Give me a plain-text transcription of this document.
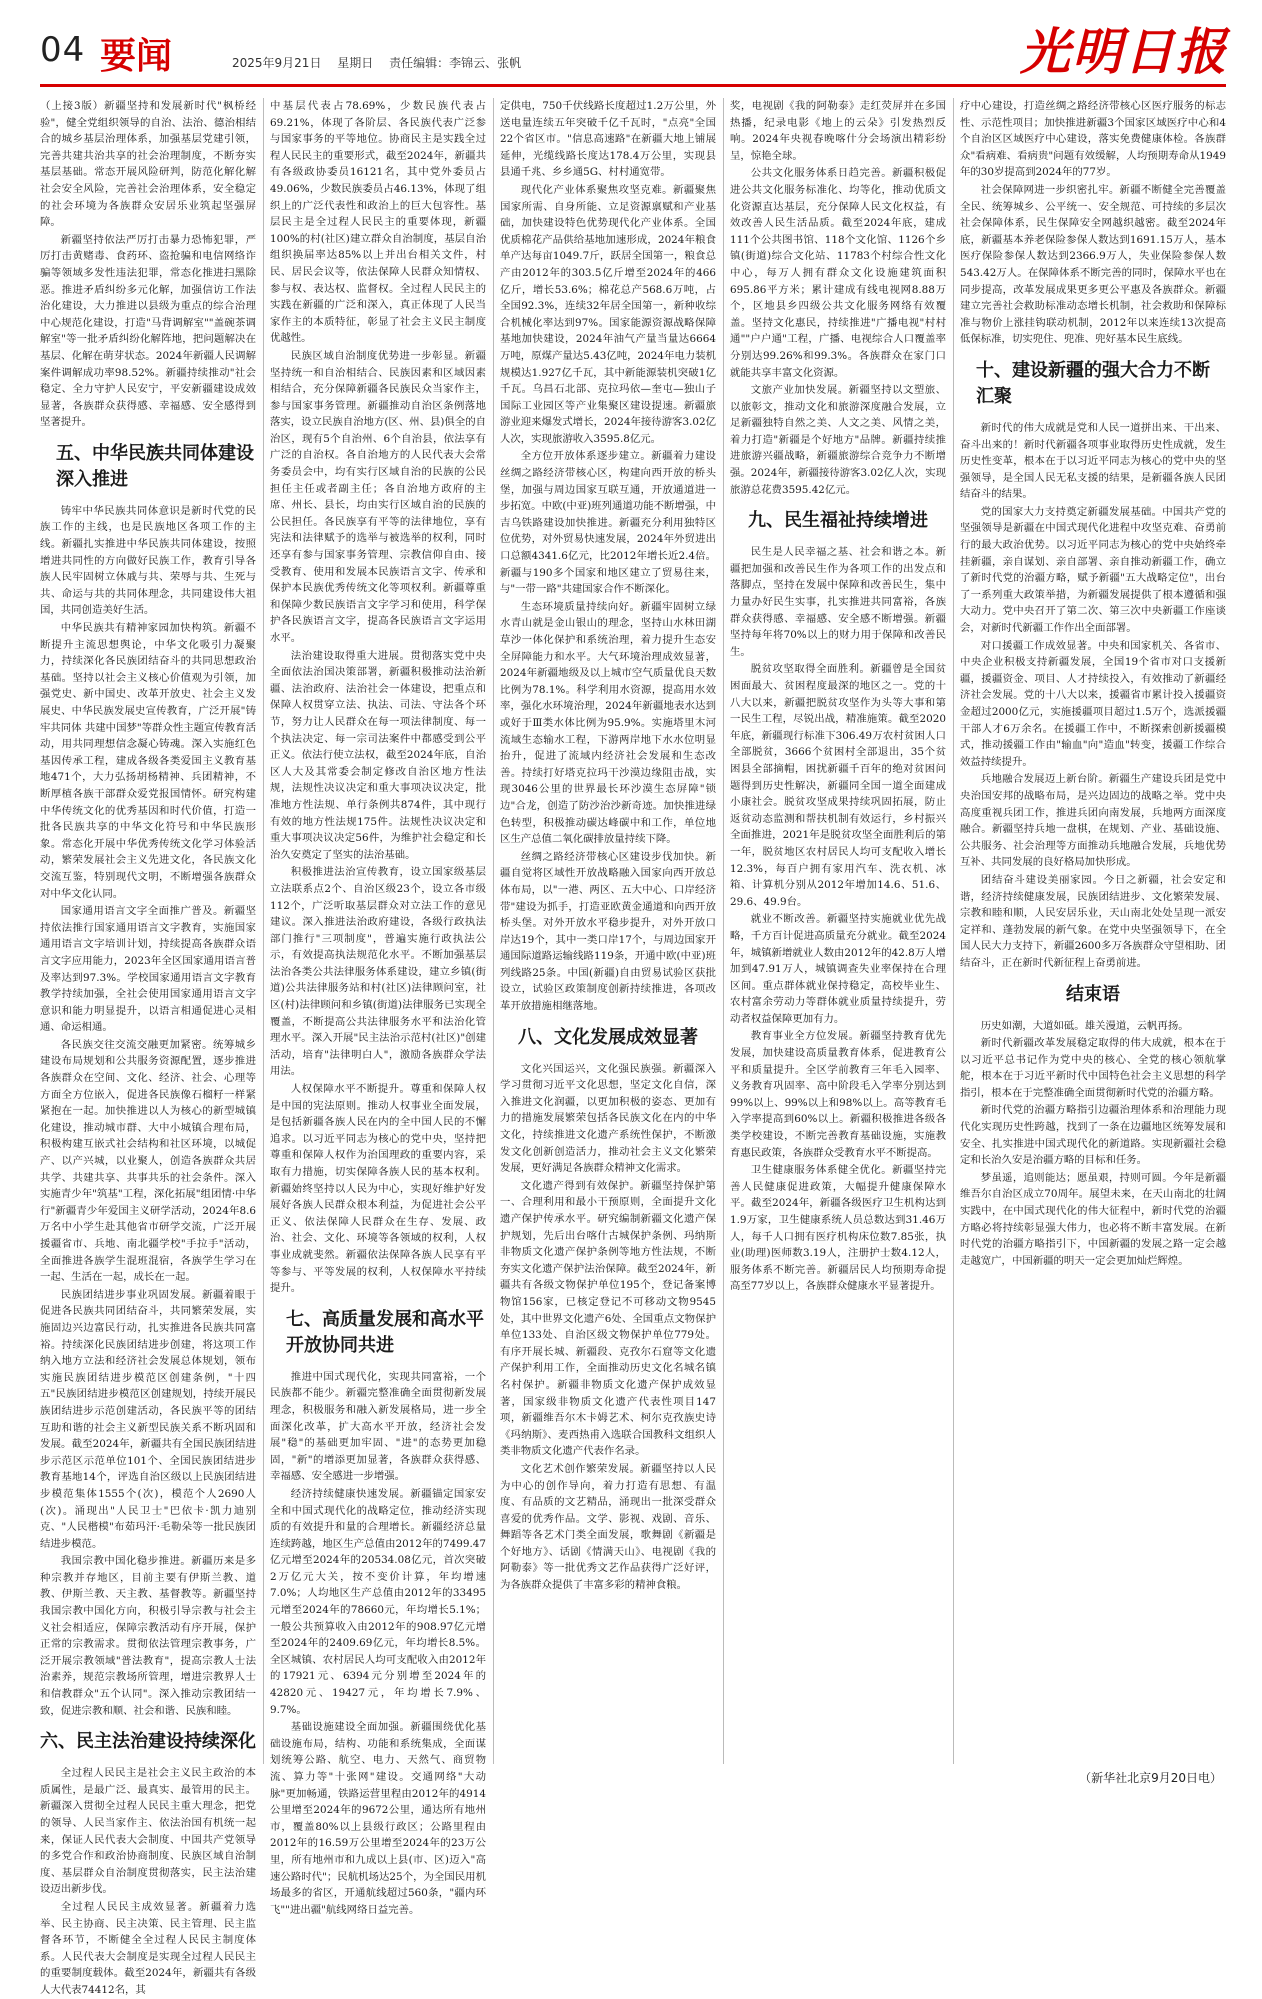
04 要闻	2025年9月21日 星期日 责任编辑：李锦云、张帆	光明日报

（上接3版）新疆坚持和发展新时代"枫桥经验"，健全党组织领导的自治、法治、德治相结合的城乡基层治理体系，加强基层党建引领，完善共建共治共享的社会治理制度，不断夯实基层基础。常态开展风险研判，防范化解化解社会安全风险，完善社会治理体系，安全稳定的社会环境为各族群众安居乐业筑起坚强屏障。

新疆坚持依法严厉打击暴力恐怖犯罪，严厉打击黄赌毒、食药环、盗抢骗和电信网络诈骗等领域多发性违法犯罪，常态化推进扫黑除恶。推进矛盾纠纷多元化解，加强信访工作法治化建设，大力推进以县级为重点的综合治理中心规范化建设，打造"马背调解室""盖碗茶调解室"等一批矛盾纠纷化解阵地，把问题解决在基层、化解在萌芽状态。2024年新疆人民调解案件调解成功率98.52%。新疆持续推动"社会稳定、全力守护人民安宁，平安新疆建设成效显著，各族群众获得感、幸福感、安全感得到坚著提升。

五、中华民族共同体建设深入推进

铸牢中华民族共同体意识是新时代党的民族工作的主线，也是民族地区各项工作的主线。新疆扎实推进中华民族共同体建设，按照增进共同性的方向做好民族工作，教育引导各族人民牢固树立休戚与共、荣辱与共、生死与共、命运与共的共同体理念，共同建设伟大祖国，共同创造美好生活。

中华民族共有精神家园加快构筑。新疆不断提升主流思想舆论，中华文化吸引力凝聚力，持续深化各民族团结奋斗的共同思想政治基础。坚持以社会主义核心价值观为引领，加强党史、新中国史、改革开放史、社会主义发展史、中华民族发展史宣传教育，广泛开展"铸牢共同体 共建中国梦"等群众性主题宣传教育活动，用共同理想信念凝心铸魂。深入实施红色基因传承工程，建成各级各类爱国主义教育基地471个，大力弘扬胡杨精神、兵团精神，不断厚植各族干部群众爱党报国情怀。研究构建中华传统文化的优秀基因和时代价值，打造一批各民族共享的中华文化符号和中华民族形象。常态化开展中华优秀传统文化学习体验活动，繁荣发展社会主义先进文化，各民族文化交流互鉴，特别现代文明，不断增强各族群众对中华文化认同。

国家通用语言文字全面推广普及。新疆坚持依法推行国家通用语言文字教育，实施国家通用语言文字培训计划，持续提高各族群众语言文字应用能力，2023年全区国家通用语言普及率达到97.3%。学校国家通用语言文字教育教学持续加强，全社会使用国家通用语言文字意识和能力明显提升，以语言相通促进心灵相通、命运相通。

各民族交往交流交融更加紧密。统筹城乡建设布局规划和公共服务资源配置，逐步推进各族群众在空间、文化、经济、社会、心理等方面全方位嵌入，促进各民族像石榴籽一样紧紧抱在一起。加快推进以人为核心的新型城镇化建设，推动城市群、大中小城镇合理布局，积极构建互嵌式社会结构和社区环境，以城促产、以产兴城，以业聚人，创造各族群众共居共学、共建共享、共事共乐的社会条件。深入实施青少年"筑基"工程，深化拓展"组团情·中华行"新疆青少年爱国主义研学活动，2024年8.6万名中小学生赴其他省市研学交流，广泛开展援疆省市、兵地、南北疆学校"手拉手"活动，全面推进各族学生混班混宿，各族学生学习在一起、生活在一起，成长在一起。

民族团结进步事业巩固发展。新疆着眼于促进各民族共同团结奋斗，共同繁荣发展，实施固边兴边富民行动，扎实推进各民族共同富裕。持续深化民族团结进步创建，将这项工作纳入地方立法和经济社会发展总体规划，领布实施民族团结进步模范区创建条例，"十四五"民族团结进步模范区创建规划，持续开展民族团结进步示范创建活动，各民族平等的团结互助和谐的社会主义新型民族关系不断巩固和发展。截至2024年，新疆共有全国民族团结进步示范区示范单位101个、全国民族团结进步教育基地14个，评选自治区级以上民族团结进步模范集体1555个(次)，模范个人2690人(次)。涌现出"人民卫士"巴依卡·凯力迪别克、"人民楷模"布茹玛汗·毛勒朵等一批民族团结进步模范。

我国宗教中国化稳步推进。新疆历来是多种宗教并存地区，目前主要有伊斯兰教、道教、伊斯兰教、天主教、基督教等。新疆坚持我国宗教中国化方向，积极引导宗教与社会主义社会相适应，保障宗教活动有序开展，保护正常的宗教需求。贯彻依法管理宗教事务，广泛开展宗教领域"普法教育"，提高宗教人士法治素养，规范宗教场所管理，增进宗教界人士和信教群众"五个认同"。深入推动宗教团结一致，促进宗教和顺、社会和谐、民族和睦。

六、民主法治建设持续深化

全过程人民民主是社会主义民主政治的本质属性，是最广泛、最真实、最管用的民主。新疆深入贯彻全过程人民民主重大理念，把党的领导、人民当家作主、依法治国有机统一起来，保证人民代表大会制度、中国共产党领导的多党合作和政治协商制度、民族区域自治制度、基层群众自治制度贯彻落实，民主法治建设迈出新步伐。

全过程人民民主成效显著。新疆着力选举、民主协商、民主决策、民主管理、民主监督各环节，不断健全全过程人民民主制度体系。人民代表大会制度是实现全过程人民民主的重要制度载体。截至2024年，新疆共有各级人大代表74412名，其

中基层代表占78.69%，少数民族代表占69.21%，体现了各阶层、各民族代表广泛参与国家事务的平等地位。协商民主是实践全过程人民民主的重要形式，截至2024年，新疆共有各级政协委员16121名，其中党外委员占49.06%，少数民族委员占46.13%，体现了组织上的广泛代表性和政治上的巨大包容性。基层民主是全过程人民民主的重要体现，新疆100%的村(社区)建立群众自治制度，基层自治组织换届率达85%以上并出台相关文件，村民、居民会议等，依法保障人民群众知情权、参与权、表达权、监督权。全过程人民民主的实践在新疆的广泛和深入，真正体现了人民当家作主的本质特征，彰显了社会主义民主制度优越性。

民族区域自治制度优势进一步彰显。新疆坚持统一和自治相结合、民族因素和区域因素相结合，充分保障新疆各民族民众当家作主，参与国家事务管理。新疆推动自治区条例落地落实，设立民族自治地方(区、州、县)俱全的自治区，现有5个自治州、6个自治县，依法享有广泛的自治权。各自治地方的人民代表大会常务委员会中，均有实行区域自治的民族的公民担任主任或者副主任；各自治地方政府的主席、州长、县长，均由实行区域自治的民族的公民担任。各民族享有平等的法律地位，享有宪法和法律赋予的选举与被选举的权利，同时还享有参与国家事务管理、宗教信仰自由、接受教育、使用和发展本民族语言文字、传承和保护本民族优秀传统文化等项权利。新疆尊重和保障少数民族语言文字学习和使用，科学保护各民族语言文字，提高各民族语言文字运用水平。

法治建设取得重大进展。贯彻落实党中央全面依法治国决策部署，新疆积极推动法治新疆、法治政府、法治社会一体建设，把重点和保障人权贯穿立法、执法、司法、守法各个环节，努力让人民群众在每一项法律制度、每一个执法决定、每一宗司法案件中都感受到公平正义。依法行使立法权，截至2024年底，自治区人大及其常委会制定修改自治区地方性法规，法规性决议决定和重大事项决议决定，批准地方性法规、单行条例共874件，其中现行有效的地方性法规175件。法规性决议决定和重大事项决议决定56件，为维护社会稳定和长治久安奠定了坚实的法治基础。

积极推进法治宣传教育，设立国家级基层立法联系点2个、自治区级23个，设立各市级112个，广泛听取基层群众对立法工作的意见建议。深入推进法治政府建设，各级行政执法部门推行"三项制度"，普遍实施行政执法公示，有效提高执法规范化水平。不断加强基层法治各类公共法律服务体系建设，建立乡镇(街道)公共法律服务站和村(社区)法律顾问室，社区(村)法律顾问和乡镇(街道)法律服务已实现全覆盖，不断提高公共法律服务水平和法治化管理水平。深入开展"民主法治示范村(社区)"创建活动，培育"法律明白人"，激励各族群众学法用法。

人权保障水平不断提升。尊重和保障人权是中国的宪法原则。推动人权事业全面发展，是包括新疆各族人民在内的全中国人民的不懈追求。以习近平同志为核心的党中央，坚持把尊重和保障人权作为治国理政的重要内容，采取有力措施，切实保障各族人民的基本权利。新疆始终坚持以人民为中心，实现好维护好发展好各族人民群众根本利益，为促进社会公平正义、依法保障人民群众在生存、发展、政治、社会、文化、环境等各领域的权利，人权事业成就斐然。新疆依法保障各族人民享有平等参与、平等发展的权利，人权保障水平持续提升。

七、高质量发展和高水平开放协同共进

推进中国式现代化，实现共同富裕，一个民族都不能少。新疆完整准确全面贯彻新发展理念，积极服务和融入新发展格局，进一步全面深化改革，扩大高水平开放，经济社会发展"稳"的基础更加牢固、"进"的态势更加稳固，"新"的增添更加显著，各族群众获得感、幸福感、安全感进一步增强。

经济持续健康快速发展。新疆锚定国家安全和中国式现代化的战略定位，推动经济实现质的有效提升和量的合理增长。新疆经济总量连续跨越，地区生产总值由2012年的7499.47亿元增至2024年的20534.08亿元，首次突破2万亿元大关，按不变价计算，年均增速7.0%；人均地区生产总值由2012年的33495元增至2024年的78660元，年均增长5.1%；一般公共预算收入由2012年的908.97亿元增至2024年的2409.69亿元，年均增长8.5%。全区城镇、农村居民人均可支配收入由2012年的17921元、6394元分别增至2024年的42820元、19427元，年均增长7.9%、9.7%。

基础设施建设全面加强。新疆围绕优化基础设施布局，结构、功能和系统集成，全面谋划统筹公路、航空、电力、天然气、商贸物流、算力等"十张网"建设。交通网络"大动脉"更加畅通，铁路运营里程由2012年的4914公里增至2024年的9672公里，通达所有地州市，覆盖80%以上县级行政区；公路里程由2012年的16.59万公里增至2024年的23万公里，所有地州市和九成以上县(市、区)迈入"高速公路时代"；民航机场达25个，为全国民用机场最多的省区，开通航线超过560条，"疆内环飞""进出疆"航线网络日益完善。

定供电，750千伏线路长度超过1.2万公里，外送电量连续五年突破千亿千瓦时，"点亮"全国22个省区市。"信息高速路"在新疆大地上铺展延伸，光缆线路长度达178.4万公里，实现县县通千兆、乡乡通5G、村村通宽带。

现代化产业体系聚焦攻坚克难。新疆聚焦国家所需、自身所能、立足资源禀赋和产业基础，加快建设特色优势现代化产业体系。全国优质棉花产品供给基地加速形成，2024年粮食单产达每亩1049.7斤，跃居全国第一，粮食总产由2012年的303.5亿斤增至2024年的466亿斤，增长53.6%；棉花总产568.6万吨，占全国92.3%，连续32年居全国第一，新种收综合机械化率达到97%。国家能源资源战略保障基地加快建设，2024年油气产量当量达6664万吨，原煤产量达5.43亿吨，2024年电力装机规模达1.927亿千瓦，其中新能源装机突破1亿千瓦。乌昌石北部、克拉玛依—奎屯—独山子国际工业园区等产业集聚区建设提速。新疆旅游业迎来爆发式增长，2024年接待游客3.02亿人次，实现旅游收入3595.8亿元。

全方位开放体系逐步建立。新疆着力建设丝绸之路经济带核心区，构建向西开放的桥头堡，加强与周边国家互联互通，开放通道进一步拓宽。中欧(中亚)班列通道功能不断增强，中吉乌铁路建设加快推进。新疆充分利用独特区位优势，对外贸易快速发展，2024年外贸进出口总额4341.6亿元，比2012年增长近2.4倍。新疆与190多个国家和地区建立了贸易往来，与"一带一路"共建国家合作不断深化。

生态环境质量持续向好。新疆牢固树立绿水青山就是金山银山的理念，坚持山水林田湖草沙一体化保护和系统治理，着力提升生态安全屏障能力和水平。大气环境治理成效显著，2024年新疆地级及以上城市空气质量优良天数比例为78.1%。科学利用水资源，提高用水效率，强化水环境治理，2024年新疆地表水达到或好于Ⅲ类水体比例为95.9%。实施塔里木河流域生态输水工程，下游两岸地下水水位明显抬升，促进了流域内经济社会发展和生态改善。持续打好塔克拉玛干沙漠边缘阻击战，实现3046公里的世界最长环沙漠生态屏障"锁边"合龙，创造了防沙治沙新奇迹。加快推进绿色转型，积极推动碳达峰碳中和工作，单位地区生产总值二氧化碳排放量持续下降。

丝绸之路经济带核心区建设步伐加快。新疆自觉将区域性开放战略融入国家向西开放总体布局，以"一港、两区、五大中心、口岸经济带"建设为抓手，打造亚欧黄金通道和向西开放桥头堡。对外开放水平稳步提升，对外开放口岸达19个，其中一类口岸17个，与周边国家开通国际道路运输线路119条，开通中欧(中亚)班列线路25条。中国(新疆)自由贸易试验区获批设立，试验区政策制度创新持续推进，各项改革开放措施相继落地。

八、文化发展成效显著

文化兴国运兴，文化强民族强。新疆深入学习贯彻习近平文化思想，坚定文化自信，深入推进文化润疆，以更加积极的姿态、更加有力的措施发展繁荣包括各民族文化在内的中华文化，持续推进文化遗产系统性保护，不断激发文化创新创造活力，推动社会主义文化繁荣发展，更好满足各族群众精神文化需求。

文化遗产得到有效保护。新疆坚持保护第一、合理利用和最小干预原则，全面提升文化遗产保护传承水平。研究编制新疆文化遗产保护规划，先后出台喀什古城保护条例、玛纳斯非物质文化遗产保护条例等地方性法规，不断夯实文化遗产保护法治保障。截至2024年，新疆共有各级文物保护单位195个，登记备案博物馆156家，已核定登记不可移动文物9545处，其中世界文化遗产6处、全国重点文物保护单位133处、自治区级文物保护单位779处。有序开展长城、新疆段、克孜尔石窟等文化遗产保护利用工作，全面推动历史文化名城名镇名村保护。新疆非物质文化遗产保护成效显著，国家级非物质文化遗产代表性项目147项，新疆维吾尔木卡姆艺术、柯尔克孜族史诗《玛纳斯》、麦西热甫入选联合国教科文组织人类非物质文化遗产代表作名录。

文化艺术创作繁荣发展。新疆坚持以人民为中心的创作导向，着力打造有思想、有温度、有品质的文艺精品，涌现出一批深受群众喜爱的优秀作品。文学、影视、戏剧、音乐、舞蹈等各艺术门类全面发展，歌舞剧《新疆是个好地方》、话剧《情满天山》、电视剧《我的阿勒泰》等一批优秀文艺作品获得广泛好评，为各族群众提供了丰富多彩的精神食粮。

奖，电视剧《我的阿勒泰》走红荧屏并在多国热播，纪录电影《地上的云朵》引发热烈反响。2024年央视春晚喀什分会场演出精彩纷呈，惊艳全球。

公共文化服务体系日趋完善。新疆积极促进公共文化服务标准化、均等化，推动优质文化资源直达基层，充分保障人民文化权益，有效改善人民生活品质。截至2024年底，建成111个公共图书馆、118个文化馆、1126个乡镇(街道)综合文化站、11783个村综合性文化中心，每万人拥有群众文化设施建筑面积695.86平方米；累计建成有线电视网8.88万个，区地县乡四级公共文化服务网络有效覆盖。坚持文化惠民，持续推进"广播电视"村村通""户户通"工程，广播、电视综合人口覆盖率分别达99.26%和99.3%。各族群众在家门口就能共享丰富文化资源。

文旅产业加快发展。新疆坚持以文塑旅、以旅彰文，推动文化和旅游深度融合发展，立足新疆独特自然之美、人文之美、风情之美，着力打造"新疆是个好地方"品牌。新疆持续推进旅游兴疆战略，新疆旅游综合竞争力不断增强。2024年，新疆接待游客3.02亿人次，实现旅游总花费3595.42亿元。

九、民生福祉持续增进

民生是人民幸福之基、社会和谐之本。新疆把加强和改善民生作为各项工作的出发点和落脚点，坚持在发展中保障和改善民生，集中力量办好民生实事，扎实推进共同富裕，各族群众获得感、幸福感、安全感不断增强。新疆坚持每年将70%以上的财力用于保障和改善民生。

脱贫攻坚取得全面胜利。新疆曾是全国贫困面最大、贫困程度最深的地区之一。党的十八大以来，新疆把脱贫攻坚作为头等大事和第一民生工程，尽锐出战，精准施策。截至2020年底，新疆现行标准下306.49万农村贫困人口全部脱贫，3666个贫困村全部退出，35个贫困县全部摘帽，困扰新疆千百年的绝对贫困问题得到历史性解决，新疆同全国一道全面建成小康社会。脱贫攻坚成果持续巩固拓展，防止返贫动态监测和帮扶机制有效运行，乡村振兴全面推进，2021年是脱贫攻坚全面胜利后的第一年，脱贫地区农村居民人均可支配收入增长12.3%，每百户拥有家用汽车、洗衣机、冰箱、计算机分别从2012年增加14.6、51.6、29.6、49.9台。

就业不断改善。新疆坚持实施就业优先战略，千方百计促进高质量充分就业。截至2024年，城镇新增就业人数由2012年的42.8万人增加到47.91万人，城镇调查失业率保持在合理区间。重点群体就业保持稳定，高校毕业生、农村富余劳动力等群体就业质量持续提升，劳动者权益保障更加有力。

教育事业全方位发展。新疆坚持教育优先发展，加快建设高质量教育体系，促进教育公平和质量提升。全区学前教育三年毛入园率、义务教育巩固率、高中阶段毛入学率分别达到99%以上、99%以上和98%以上。高等教育毛入学率提高到60%以上。新疆积极推进各级各类学校建设，不断完善教育基础设施，实施教育惠民政策，各族群众受教育水平不断提高。

卫生健康服务体系健全优化。新疆坚持完善人民健康促进政策，大幅提升健康保障水平。截至2024年，新疆各级医疗卫生机构达到1.9万家，卫生健康系统人员总数达到31.46万人，每千人口拥有医疗机构床位数7.85张，执业(助理)医师数3.19人，注册护士数4.12人，服务体系不断完善。新疆居民人均预期寿命提高至77岁以上，各族群众健康水平显著提升。

疗中心建设，打造丝绸之路经济带核心区医疗服务的标志性、示范性项目；加快推进新疆3个国家区域医疗中心和4个自治区区域医疗中心建设，落实免费健康体检。各族群众"看病难、看病贵"问题有效缓解，人均预期寿命从1949年的30岁提高到2024年的77岁。

社会保障网进一步织密扎牢。新疆不断健全完善覆盖全民、统筹城乡、公平统一、安全规范、可持续的多层次社会保障体系，民生保障安全网越织越密。截至2024年底，新疆基本养老保险参保人数达到1691.15万人，基本医疗保险参保人数达到2366.9万人，失业保险参保人数543.42万人。在保障体系不断完善的同时，保障水平也在同步提高，改革发展成果更多更公平惠及各族群众。新疆建立完善社会救助标准动态增长机制，社会救助和保障标准与物价上涨挂钩联动机制，2012年以来连续13次提高低保标准，切实兜住、兜准、兜好基本民生底线。

十、建设新疆的强大合力不断汇聚

新时代的伟大成就是党和人民一道拼出来、干出来、奋斗出来的！新时代新疆各项事业取得历史性成就，发生历史性变革，根本在于以习近平同志为核心的党中央的坚强领导，是全国人民无私支援的结果，是新疆各族人民团结奋斗的结果。

党的国家大力支持奠定新疆发展基础。中国共产党的坚强领导是新疆在中国式现代化进程中攻坚克难、奋勇前行的最大政治优势。以习近平同志为核心的党中央始终牵挂新疆，亲自谋划、亲自部署、亲自推动新疆工作，确立了新时代党的治疆方略，赋予新疆"五大战略定位"，出台了一系列重大政策举措，为新疆发展提供了根本遵循和强大动力。党中央召开了第二次、第三次中央新疆工作座谈会，对新时代新疆工作作出全面部署。

对口援疆工作成效显著。中央和国家机关、各省市、中央企业积极支持新疆发展，全国19个省市对口支援新疆，援疆资金、项目、人才持续投入，有效推动了新疆经济社会发展。党的十八大以来，援疆省市累计投入援疆资金超过2000亿元，实施援疆项目超过1.5万个，选派援疆干部人才6万余名。在援疆工作中，不断探索创新援疆模式，推动援疆工作由"输血"向"造血"转变，援疆工作综合效益持续提升。

兵地融合发展迈上新台阶。新疆生产建设兵团是党中央治国安邦的战略布局，是兴边固边的战略之举。党中央高度重视兵团工作，推进兵团向南发展，兵地两方面深度融合。新疆坚持兵地一盘棋，在规划、产业、基础设施、公共服务、社会治理等方面推动兵地融合发展，兵地优势互补、共同发展的良好格局加快形成。

团结奋斗建设美丽家园。今日之新疆，社会安定和谐，经济持续健康发展，民族团结进步、文化繁荣发展、宗教和睦和顺，人民安居乐业，天山南北处处呈现一派安定祥和、蓬勃发展的新气象。在党中央坚强领导下，在全国人民大力支持下，新疆2600多万各族群众守望相助、团结奋斗，正在新时代新征程上奋勇前进。

结束语

历史如潮，大道如砥。雄关漫道，云帆再扬。

新时代新疆改革发展稳定取得的伟大成就，根本在于以习近平总书记作为党中央的核心、全党的核心领航掌舵，根本在于习近平新时代中国特色社会主义思想的科学指引，根本在于完整准确全面贯彻新时代党的治疆方略。

新时代党的治疆方略指引边疆治理体系和治理能力现代化实现历史性跨越，找到了一条在边疆地区统筹发展和安全、扎实推进中国式现代化的新道路。实现新疆社会稳定和长治久安是治疆方略的目标和任务。

梦虽遥，追则能达；愿虽艰，持则可圆。今年是新疆维吾尔自治区成立70周年。展望未来，在天山南北的壮阔实践中，在中国式现代化的伟大征程中，新时代党的治疆方略必将持续彰显强大伟力，也必将不断丰富发展。在新时代党的治疆方略指引下，中国新疆的发展之路一定会越走越宽广，中国新疆的明天一定会更加灿烂辉煌。

（新华社北京9月20日电）
